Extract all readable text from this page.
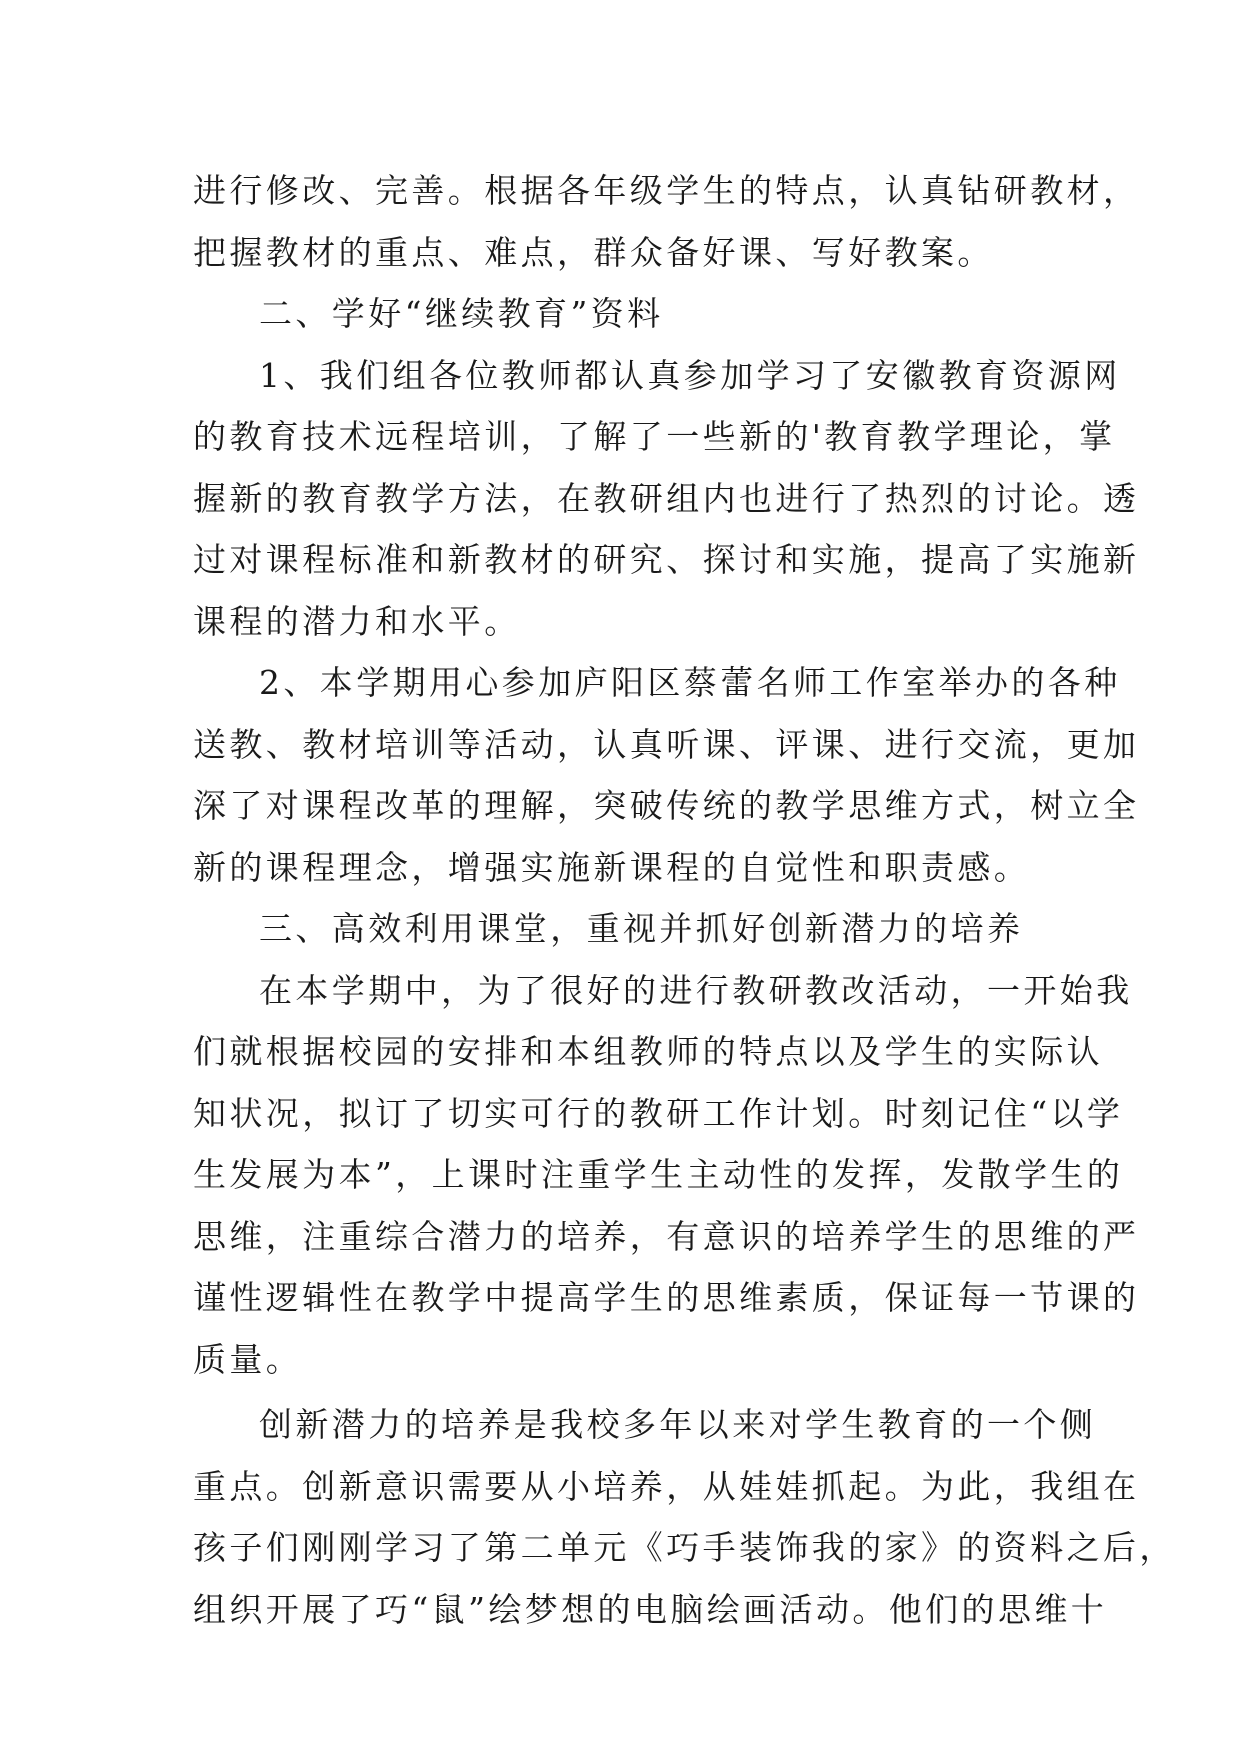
进行修改、完善。根据各年级学生的特点，认真钻研教材，
把握教材的重点、难点，群众备好课、写好教案。
二、学好“继续教育”资料
1、我们组各位教师都认真参加学习了安徽教育资源网
的教育技术远程培训，了解了一些新的'教育教学理论，掌
握新的教育教学方法，在教研组内也进行了热烈的讨论。透
过对课程标准和新教材的研究、探讨和实施，提高了实施新
课程的潜力和水平。
2、本学期用心参加庐阳区蔡蕾名师工作室举办的各种
送教、教材培训等活动，认真听课、评课、进行交流，更加
深了对课程改革的理解，突破传统的教学思维方式，树立全
新的课程理念，增强实施新课程的自觉性和职责感。
三、高效利用课堂，重视并抓好创新潜力的培养
在本学期中，为了很好的进行教研教改活动，一开始我
们就根据校园的安排和本组教师的特点以及学生的实际认
知状况，拟订了切实可行的教研工作计划。时刻记住“以学
生发展为本”，上课时注重学生主动性的发挥，发散学生的
思维，注重综合潜力的培养，有意识的培养学生的思维的严
谨性逻辑性在教学中提高学生的思维素质，保证每一节课的
质量。
创新潜力的培养是我校多年以来对学生教育的一个侧
重点。创新意识需要从小培养，从娃娃抓起。为此，我组在
孩子们刚刚学习了第二单元《巧手装饰我的家》的资料之后，
组织开展了巧“鼠”绘梦想的电脑绘画活动。他们的思维十
